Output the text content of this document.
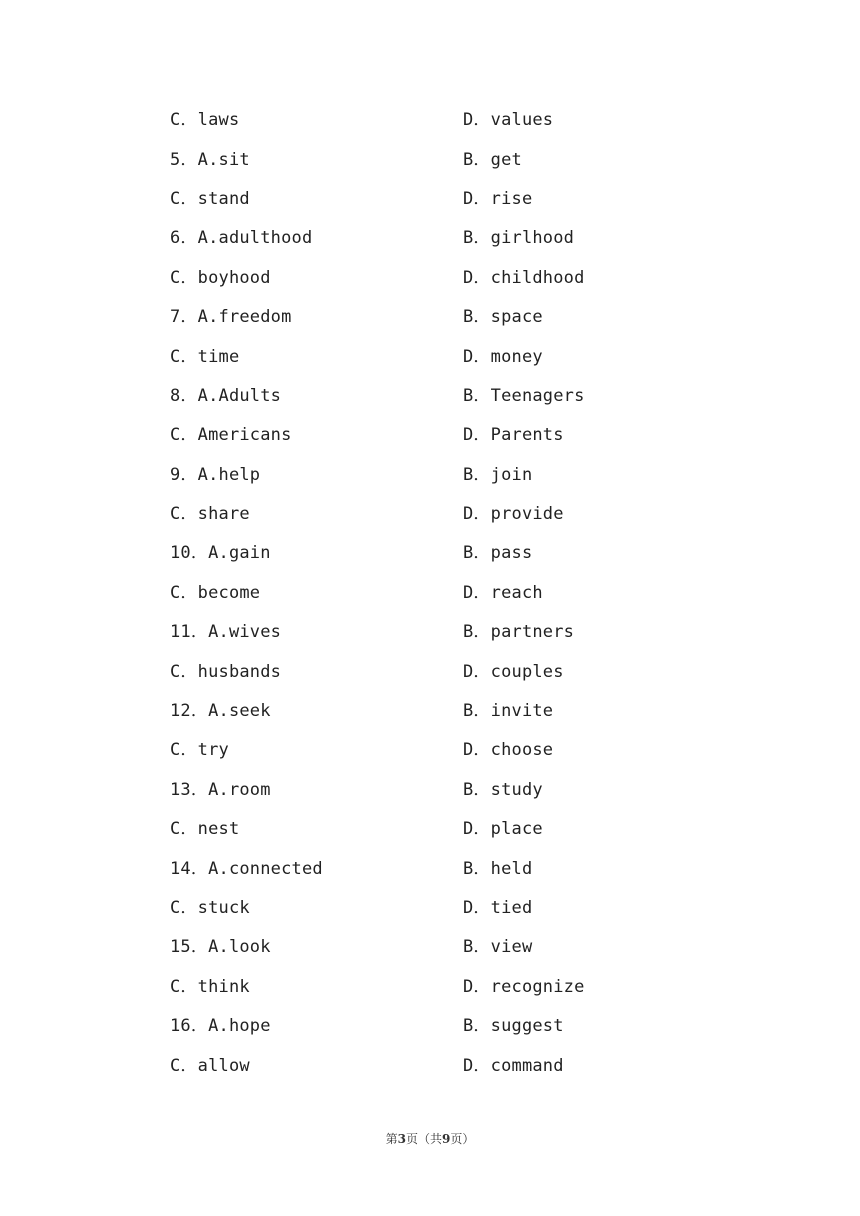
C．laws	D．values
5．A.sit	B．get
C．stand	D．rise
6．A.adulthood	B．girlhood
C．boyhood	D．childhood
7．A.freedom	B．space
C．time	D．money
8．A.Adults	B．Teenagers
C．Americans	D．Parents
9．A.help	B．join
C．share	D．provide
10．A.gain	B．pass
C．become	D．reach
11．A.wives	B．partners
C．husbands	D．couples
12．A.seek	B．invite
C．try	D．choose
13．A.room	B．study
C．nest	D．place
14．A.connected	B．held
C．stuck	D．tied
15．A.look	B．view
C．think	D．recognize
16．A.hope	B．suggest
C．allow	D．command
第3页（共9页）
